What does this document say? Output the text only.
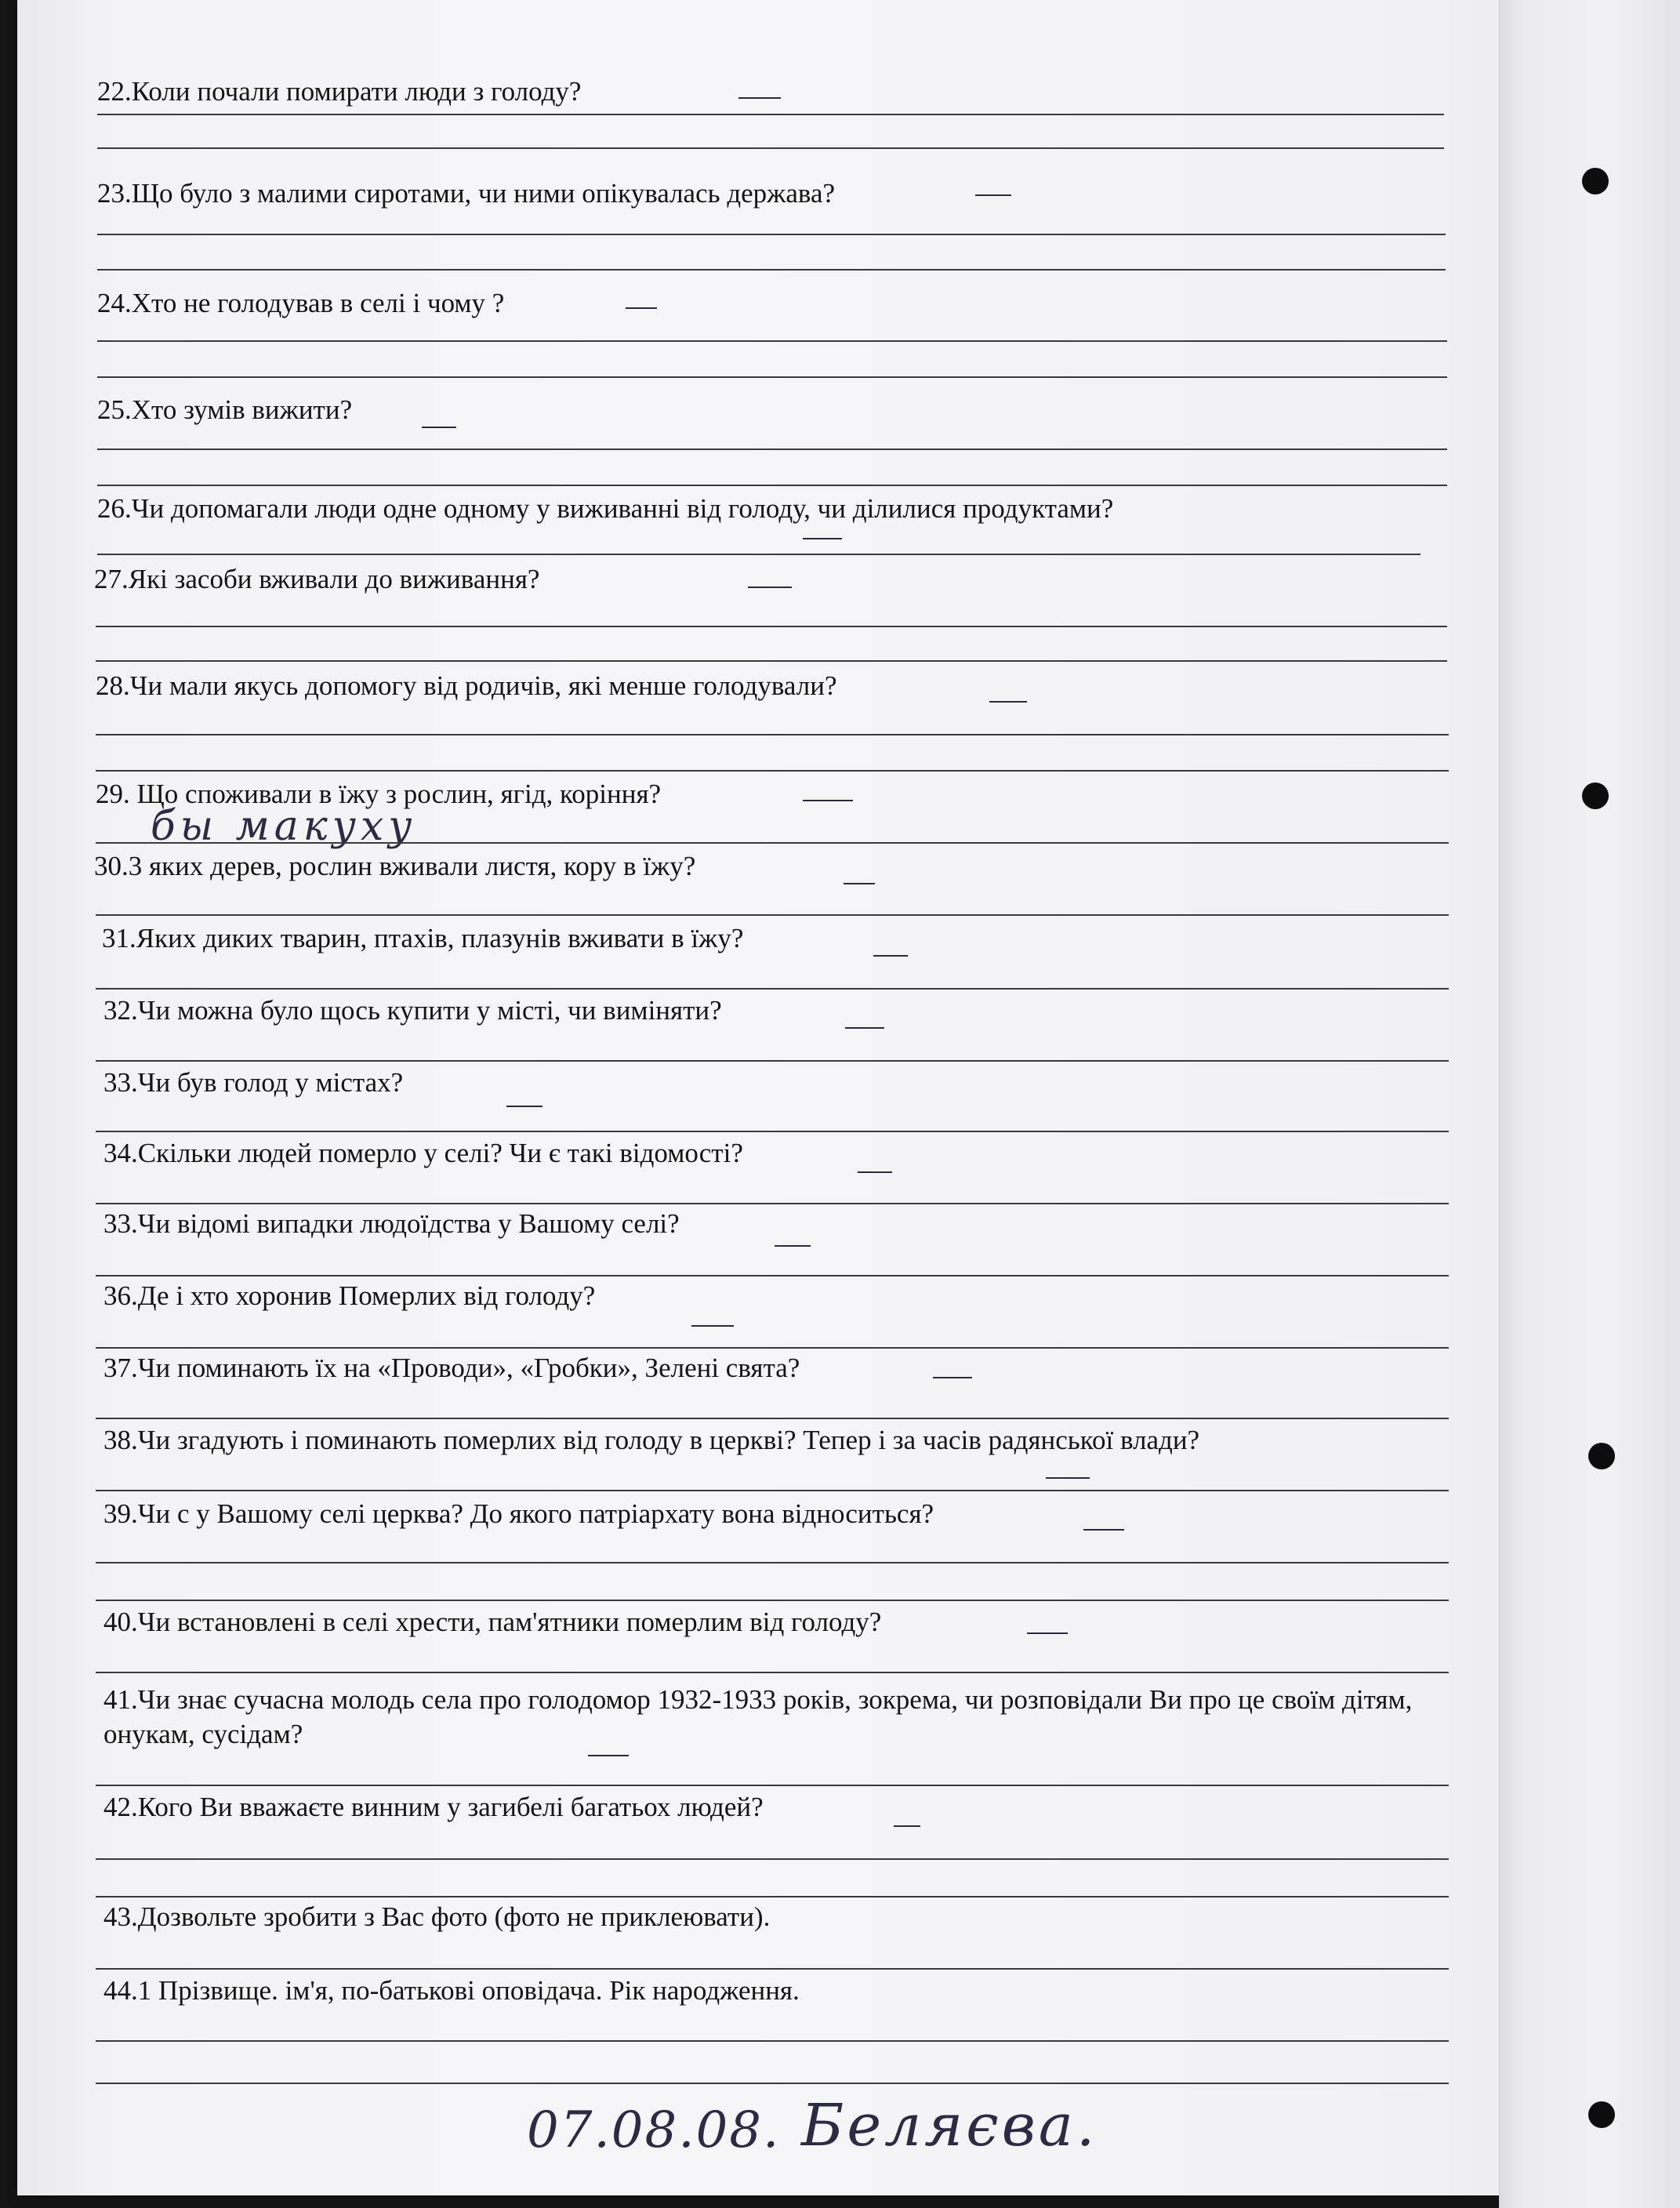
22.Коли почали помирати люди з голоду?
23.Що було з малими сиротами, чи ними опікувалась держава?
24.Хто не голодував в селі і чому ?
25.Хто зумів вижити?
26.Чи допомагали люди одне одному у виживанні від голоду, чи ділилися продуктами?
27.Які засоби вживали до виживання?
28.Чи мали якусь допомогу від родичів, які менше голодували?
29. Що споживали в їжу з рослин, ягід, коріння?
бы макуху
30.3 яких дерев, рослин вживали листя, кору в їжу?
31.Яких диких тварин, птахів, плазунів вживати в їжу?
32.Чи можна було щось купити у місті, чи виміняти?
33.Чи був голод у містах?
34.Скільки людей померло у селі? Чи є такі відомості?
33.Чи відомі випадки людоїдства у Вашому селі?
36.Де і хто хоронив Померлих від голоду?
37.Чи поминають їх на «Проводи», «Гробки», Зелені свята?
38.Чи згадують і поминають померлих від голоду в церкві? Тепер і за часів радянської влади?
39.Чи с у Вашому селі церква? До якого патріархату вона відноситься?
40.Чи встановлені в селі хрести, пам'ятники померлим від голоду?
41.Чи знає сучасна молодь села про голодомор 1932-1933 років, зокрема, чи розповідали Ви про це своїм дітям, онукам, сусідам?
42.Кого Ви вважаєте винним у загибелі багатьох людей?
43.Дозвольте зробити з Вас фото (фото не приклеювати).
44.1 Прізвище. ім'я, по-батькові оповідача. Рік народження.
07.08.08. Беляєва.
